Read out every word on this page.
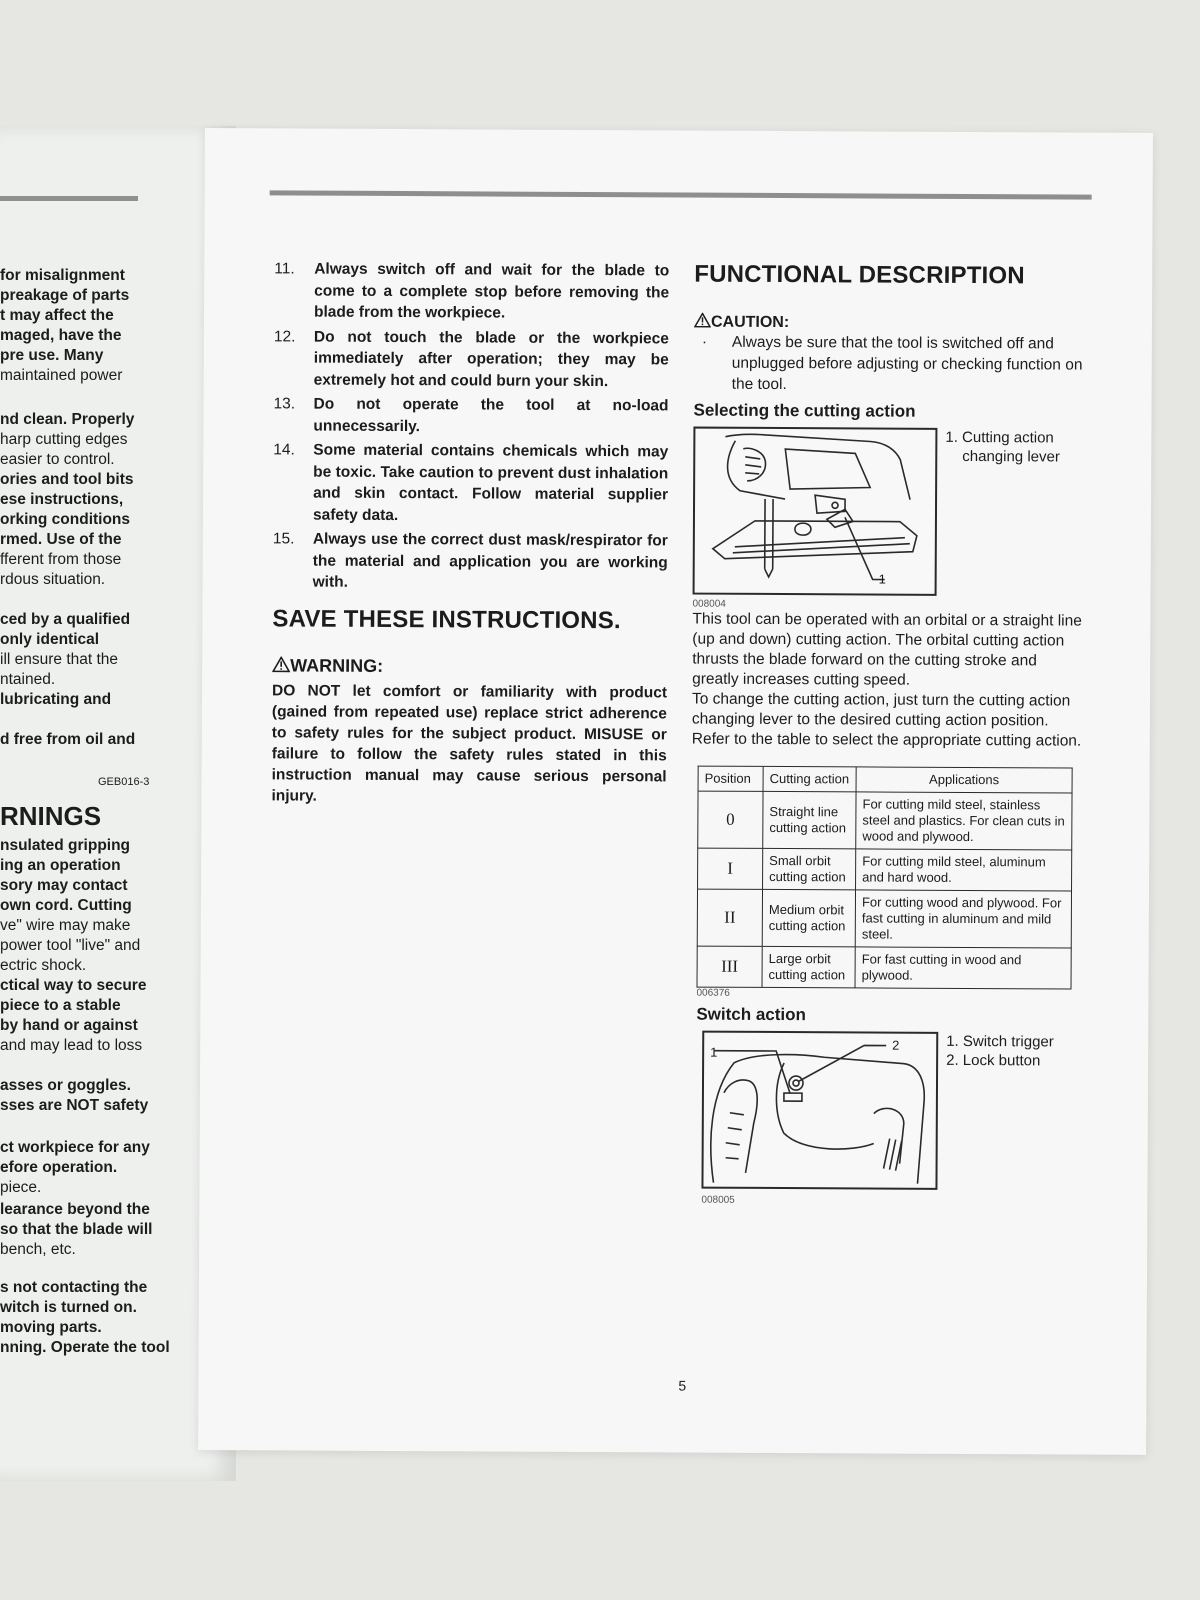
for misalignment
preakage of parts
t may affect the
maged, have the
pre use. Many
maintained power
nd clean. Properly
harp cutting edges
easier to control.
ories and tool bits
ese instructions,
orking conditions
rmed. Use of the
fferent from those
rdous situation.
ced by a qualified
only identical
ill ensure that the
ntained.
lubricating and
d free from oil and
GEB016-3
RNINGS
nsulated gripping
ing an operation
sory may contact
own cord. Cutting
ve" wire may make
power tool "live" and
ectric shock.
ctical way to secure
piece to a stable
by hand or against
and may lead to loss
asses or goggles.
sses are NOT safety
ct workpiece for any
efore operation.
piece.
learance beyond the
so that the blade will
bench, etc.
s not contacting the
witch is turned on.
moving parts.
nning. Operate the tool
11. Always switch off and wait for the blade to come to a complete stop before removing the blade from the workpiece.
12. Do not touch the blade or the workpiece immediately after operation; they may be extremely hot and could burn your skin.
13. Do not operate the tool at no-load unnecessarily.
14. Some material contains chemicals which may be toxic. Take caution to prevent dust inhalation and skin contact. Follow material supplier safety data.
15. Always use the correct dust mask/respirator for the material and application you are working with.
SAVE THESE INSTRUCTIONS.
WARNING:
DO NOT let comfort or familiarity with product (gained from repeated use) replace strict adherence to safety rules for the subject product. MISUSE or failure to follow the safety rules stated in this instruction manual may cause serious personal injury.
FUNCTIONAL DESCRIPTION
CAUTION:
· Always be sure that the tool is switched off and unplugged before adjusting or checking function on the tool.
Selecting the cutting action
1
1. Cutting action
changing lever
008004
This tool can be operated with an orbital or a straight line (up and down) cutting action. The orbital cutting action thrusts the blade forward on the cutting stroke and greatly increases cutting speed.
To change the cutting action, just turn the cutting action changing lever to the desired cutting action position. Refer to the table to select the appropriate cutting action.
Position	Cutting action	Applications
0	Straight line cutting action	For cutting mild steel, stainless steel and plastics. For clean cuts in wood and plywood.
I	Small orbit cutting action	For cutting mild steel, aluminum and hard wood.
II	Medium orbit cutting action	For cutting wood and plywood. For fast cutting in aluminum and mild steel.
III	Large orbit cutting action	For fast cutting in wood and plywood.
006376
Switch action
1	2	1. Switch trigger
2. Lock button
008005
5
